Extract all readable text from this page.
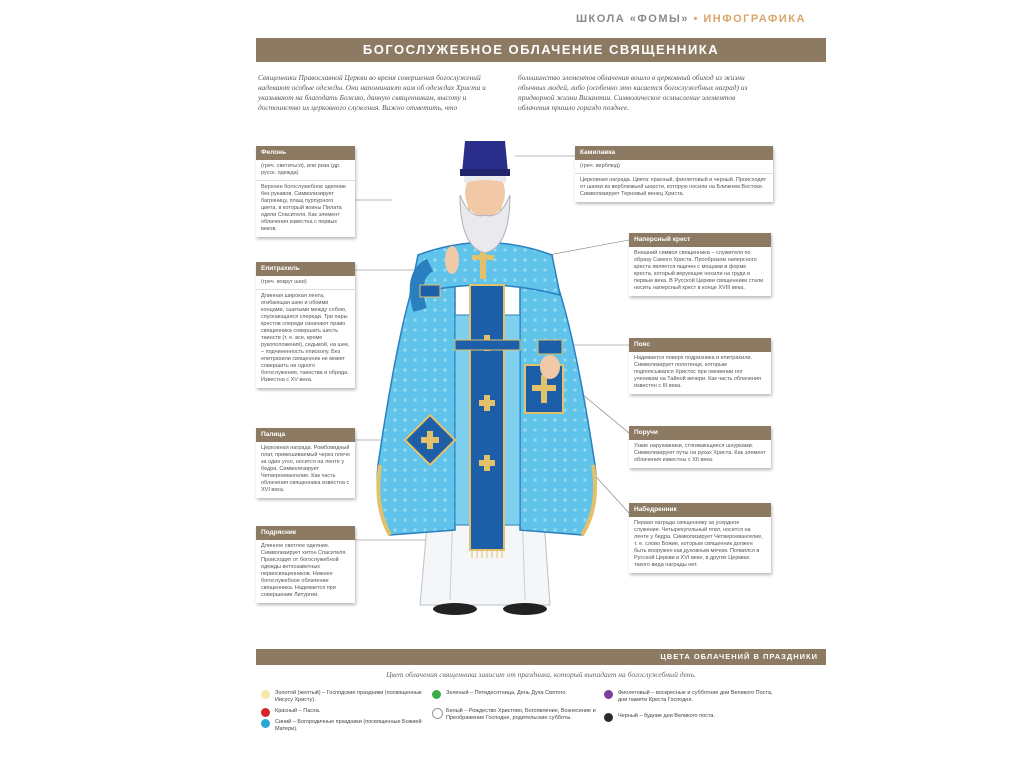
ШКОЛА «ФОМЫ» • ИНФОГРАФИКА
БОГОСЛУЖЕБНОЕ ОБЛАЧЕНИЕ СВЯЩЕННИКА
Священники Православной Церкви во время совершения богослужений надевают особые одежды. Они напоминают нам об одеждах Христа и указывают на благодать Божию, данную священникам, высоту и достоинство их церковного служения. Важно отметить, что
большинство элементов облачения вошло в церковный обиход из жизни обычных людей, либо (особенно это касается богослужебных наград) из придворной жизни Византии. Символическое осмысление элементов облачения пришло гораздо позднее.
Фелонь
(греч. светиться), или риза (др. русск. одежда)
Верхнее богослужебное одеяние без рукавов. Символизирует багряницу, плащ пурпурного цвета, в который воины Пилата одели Спасителя. Как элемент облачения известна с первых веков.
Епитрахиль
(греч. вокруг шеи)
Длинная широкая лента, огибающая шею и обоими концами, сшитыми между собою, спускающаяся спереди. Три пары крестов спереди означают право священника совершать шесть таинств (т. е. все, кроме рукоположения), седьмой, на шее, – подчиненность епископу. Без епитрахили священник не может совершить ни одного богослужения, таинства и обряда. Известна с XV века.
Палица
Церковная награда. Ромбовидный плат, привешиваемый через плечо за один угол, носится на ленте у бедра. Символизирует Четвероевангелие. Как часть облачения священника известна с XVI века.
Подрясник
Длинное светлое одеяние. Символизирует хитон Спасителя. Происходит от богослужебной одежды ветхозаветных первосвященников. Нижнее богослужебное облачение священника. Надевается при совершении Литургии.
Камилавка
(греч. верблюд)
Церковная награда. Цвета: красный, фиолетовый и черный. Происходит от шапки из верблюжьей шерсти, которую носили на Ближнем Востоке. Символизирует Терновый венец Христа.
Наперсный крест
Внешний символ священника – служителя по образу Самого Христа. Прообразом наперсного креста является ящичек с мощами в форме креста, который верующие носили на груди в первые века. В Русской Церкви священники стали носить наперсный крест в конце XVIII века.
Пояс
Надевается поверх подризника и епитрахили. Символизирует полотенце, которым подпоясывался Христос при омовении ног ученикам на Тайной вечери. Как часть облачения известен с III века.
Поручи
Узкие нарукавники, стягивающиеся шнурками. Символизируют путы на руках Христа. Как элемент облачения известны с XII века.
Набедренник
Первая награда священнику за усердное служение. Четырехугольный плат, носится на ленте у бедра. Символизирует Четвероевангелие, т. е. слово Божие, которым священник должен быть вооружен как духовным мечом. Появился в Русской Церкви в XVI веке, в других Церквах такого вида награды нет.
ЦВЕТА ОБЛАЧЕНИЙ В ПРАЗДНИКИ
Цвет облачения священника зависит от праздника, который выпадает на богослужебный день.
Золотой (желтый) – Господские праздники (посвященные Иисусу Христу).
Красный – Пасха.
Синий – Богородичные праздники (посвященные Божией Матери).
Зеленый – Пятидесятница, День Духа Святого.
Белый – Рождество Христово, Богоявление, Вознесение и Преображение Господне, родительские субботы.
Фиолетовый – воскресные и субботние дни Великого Поста, дни памяти Креста Господня.
Черный – будние дни Великого поста.
